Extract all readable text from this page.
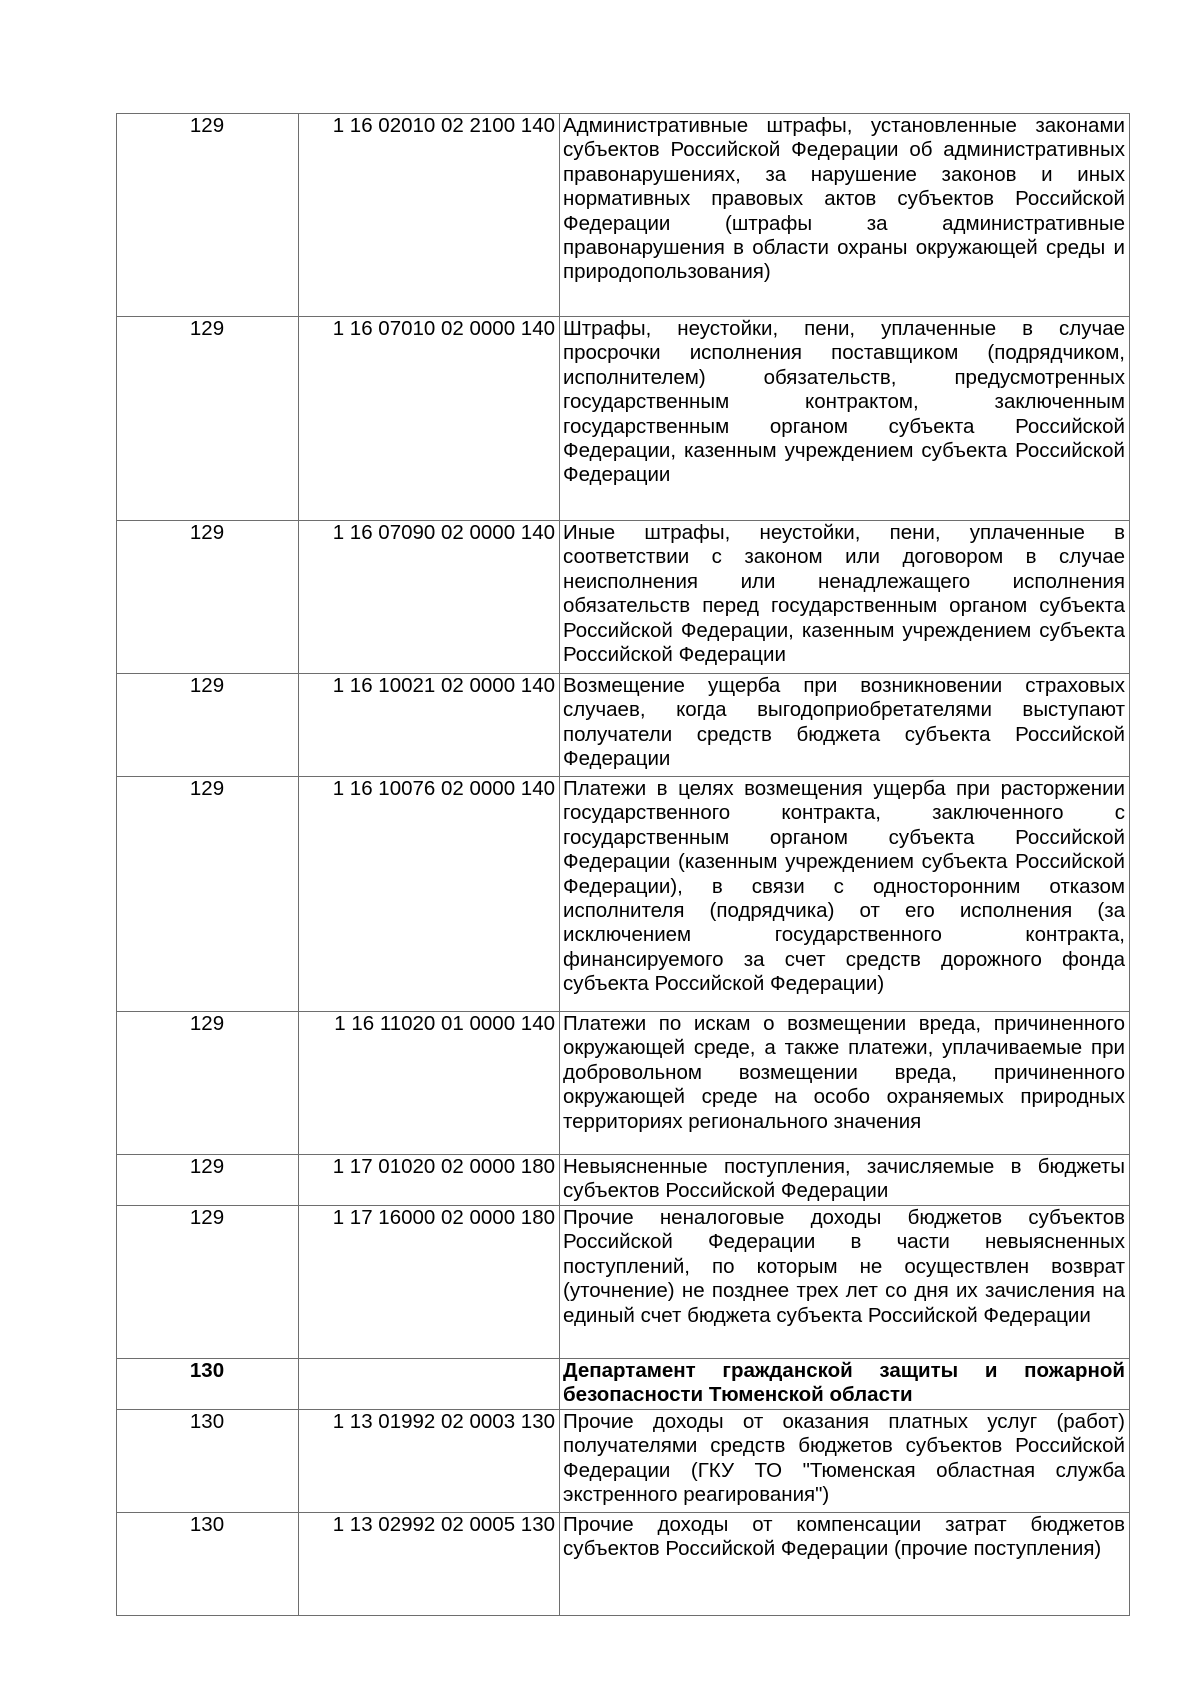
129	1 16 02010 02 2100 140	Административные штрафы, установленные законами субъектов Российской Федерации об административных правонарушениях, за нарушение законов и иных нормативных правовых актов субъектов Российской Федерации (штрафы за административные правонарушения в области охраны окружающей среды и природопользования)
129	1 16 07010 02 0000 140	Штрафы, неустойки, пени, уплаченные в случае просрочки исполнения поставщиком (подрядчиком, исполнителем) обязательств, предусмотренных государственным контрактом, заключенным государственным органом субъекта Российской Федерации, казенным учреждением субъекта Российской Федерации
129	1 16 07090 02 0000 140	Иные штрафы, неустойки, пени, уплаченные в соответствии с законом или договором в случае неисполнения или ненадлежащего исполнения обязательств перед государственным органом субъекта Российской Федерации, казенным учреждением субъекта Российской Федерации
129	1 16 10021 02 0000 140	Возмещение ущерба при возникновении страховых случаев, когда выгодоприобретателями выступают получатели средств бюджета субъекта Российской Федерации
129	1 16 10076 02 0000 140	Платежи в целях возмещения ущерба при расторжении государственного контракта, заключенного с государственным органом субъекта Российской Федерации (казенным учреждением субъекта Российской Федерации), в связи с односторонним отказом исполнителя (подрядчика) от его исполнения (за исключением государственного контракта, финансируемого за счет средств дорожного фонда субъекта Российской Федерации)
129	1 16 11020 01 0000 140	Платежи по искам о возмещении вреда, причиненного окружающей среде, а также платежи, уплачиваемые при добровольном возмещении вреда, причиненного окружающей среде на особо охраняемых природных территориях регионального значения
129	1 17 01020 02 0000 180	Невыясненные поступления, зачисляемые в бюджеты субъектов Российской Федерации
129	1 17 16000 02 0000 180	Прочие неналоговые доходы бюджетов субъектов Российской Федерации в части невыясненных поступлений, по которым не осуществлен возврат (уточнение) не позднее трех лет со дня их зачисления на единый счет бюджета субъекта Российской Федерации
130		Департамент гражданской защиты и пожарной безопасности Тюменской области
130	1 13 01992 02 0003 130	Прочие доходы от оказания платных услуг (работ) получателями средств бюджетов субъектов Российской Федерации (ГКУ ТО "Тюменская областная служба экстренного реагирования")
130	1 13 02992 02 0005 130	Прочие доходы от компенсации затрат бюджетов субъектов Российской Федерации (прочие поступления)
